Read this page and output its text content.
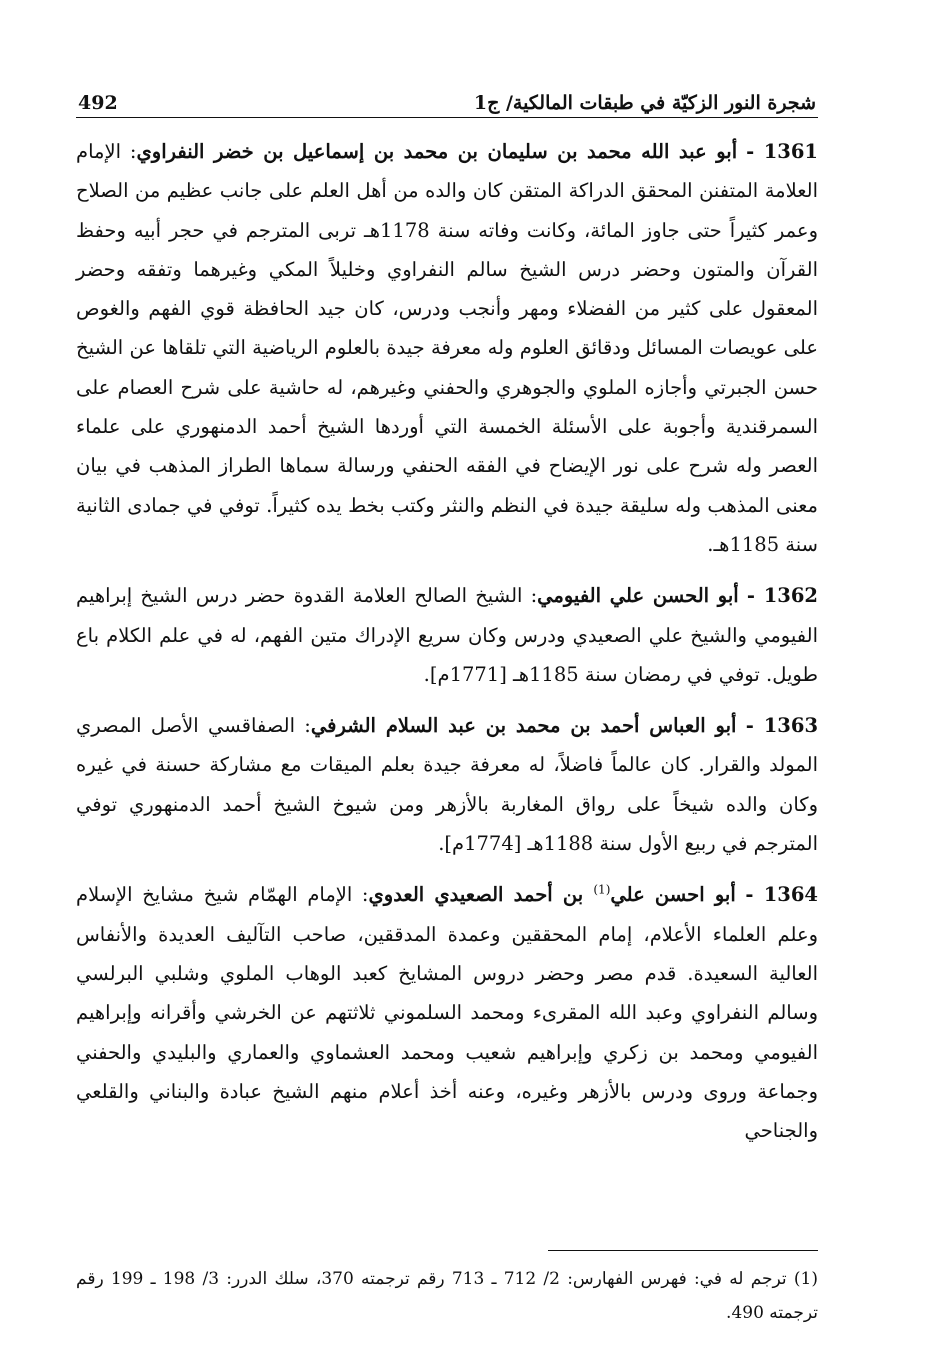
492	شجرة النور الزكيّة في طبقات المالكية/ ج1

1361 - أبو عبد الله محمد بن سليمان بن محمد بن إسماعيل بن خضر النفراوي: الإمام العلامة المتفنن المحقق الدراكة المتقن كان والده من أهل العلم على جانب عظيم من الصلاح وعمر كثيراً حتى جاوز المائة، وكانت وفاته سنة 1178هـ تربى المترجم في حجر أبيه وحفظ القرآن والمتون وحضر درس الشيخ سالم النفراوي وخليلاً المكي وغيرهما وتفقه وحضر المعقول على كثير من الفضلاء ومهر وأنجب ودرس، كان جيد الحافظة قوي الفهم والغوص على عويصات المسائل ودقائق العلوم وله معرفة جيدة بالعلوم الرياضية التي تلقاها عن الشيخ حسن الجبرتي وأجازه الملوي والجوهري والحفني وغيرهم، له حاشية على شرح العصام على السمرقندية وأجوبة على الأسئلة الخمسة التي أوردها الشيخ أحمد الدمنهوري على علماء العصر وله شرح على نور الإيضاح في الفقه الحنفي ورسالة سماها الطراز المذهب في بيان معنى المذهب وله سليقة جيدة في النظم والنثر وكتب بخط يده كثيراً. توفي في جمادى الثانية سنة 1185هـ.

1362 - أبو الحسن علي الفيومي: الشيخ الصالح العلامة القدوة حضر درس الشيخ إبراهيم الفيومي والشيخ علي الصعيدي ودرس وكان سريع الإدراك متين الفهم، له في علم الكلام باع طويل. توفي في رمضان سنة 1185هـ [1771م].

1363 - أبو العباس أحمد بن محمد بن عبد السلام الشرفي: الصفاقسي الأصل المصري المولد والقرار. كان عالماً فاضلاً، له معرفة جيدة بعلم الميقات مع مشاركة حسنة في غيره وكان والده شيخاً على رواق المغاربة بالأزهر ومن شيوخ الشيخ أحمد الدمنهوري توفي المترجم في ربيع الأول سنة 1188هـ [1774م].

1364 - أبو احسن علي$^{(1)}$ بن أحمد الصعيدي العدوي: الإمام الهمّام شيخ مشايخ الإسلام وعلم العلماء الأعلام، إمام المحققين وعمدة المدققين، صاحب التآليف العديدة والأنفاس العالية السعيدة. قدم مصر وحضر دروس المشايخ كعبد الوهاب الملوي وشلبي البرلسي وسالم النفراوي وعبد الله المقرىء ومحمد السلموني ثلاثتهم عن الخرشي وأقرانه وإبراهيم الفيومي ومحمد بن زكري وإبراهيم شعيب ومحمد العشماوي والعماري والبليدي والحفني وجماعة وروى ودرس بالأزهر وغيره، وعنه أخذ أعلام منهم الشيخ عبادة والبناني والقلعي والجناحي

(1) ترجم له في: فهرس الفهارس: 2/ 712 ـ 713 رقم ترجمته 370، سلك الدرر: 3/ 198 ـ 199 رقم ترجمته 490.
